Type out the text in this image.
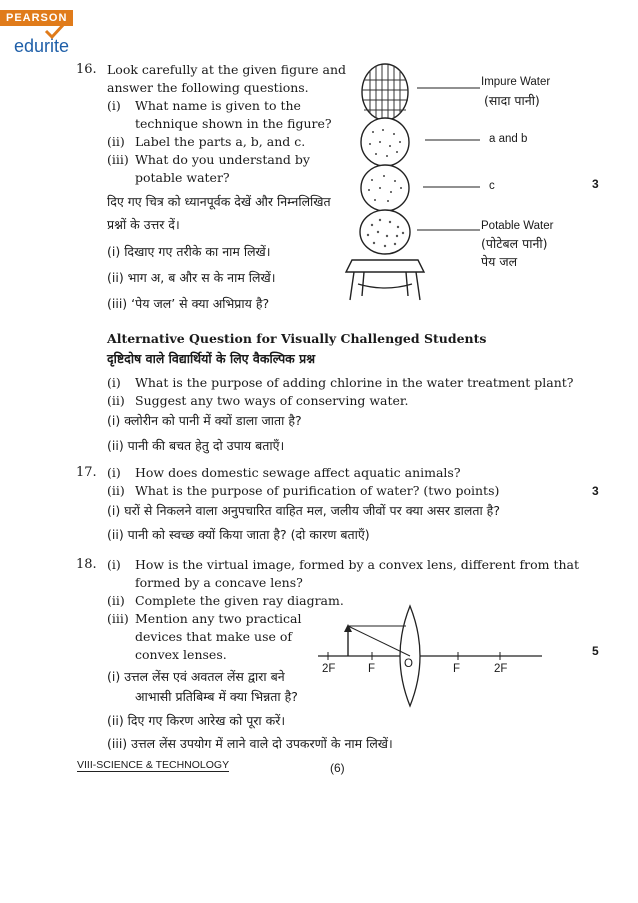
PEARSON
edurite
16. Look carefully at the given figure and
answer the following questions.
(i) What name is given to the
technique shown in the figure?
(ii) Label the parts a, b, and c.
(iii) What do you understand by
potable water?
दिए गए चित्र को ध्यानपूर्वक देखें और निम्नलिखित
प्रश्नों के उत्तर दें।
(i) दिखाए गए तरीके का नाम लिखें।
(ii) भाग अ, ब और स के नाम लिखें।
(iii) ‘पेय जल’ से क्या अभिप्राय है?
3
Impure Water
(सादा पानी)
a and b
c
Potable Water
(पोटेबल पानी)
पेय जल
Alternative Question for Visually Challenged Students
दृष्टिदोष वाले विद्यार्थियों के लिए वैकल्पिक प्रश्न
(i) What is the purpose of adding chlorine in the water treatment plant?
(ii) Suggest any two ways of conserving water.
(i) क्लोरीन को पानी में क्यों डाला जाता है?
(ii) पानी की बचत हेतु दो उपाय बताएँ।
17. (i) How does domestic sewage affect aquatic animals?
(ii) What is the purpose of purification of water? (two points)
(i) घरों से निकलने वाला अनुपचारित वाहित मल, जलीय जीवों पर क्या असर डालता है?
(ii) पानी को स्वच्छ क्यों किया जाता है? (दो कारण बताएँ)
3
18. (i) How is the virtual image, formed by a convex lens, different from that
formed by a concave lens?
(ii) Complete the given ray diagram.
(iii) Mention any two practical
devices that make use of
convex lenses.
(i) उत्तल लेंस एवं अवतल लेंस द्वारा बने
आभासी प्रतिबिम्ब में क्या भिन्नता है?
(ii) दिए गए किरण आरेख को पूरा करें।
(iii) उत्तल लेंस उपयोग में लाने वाले दो उपकरणों के नाम लिखें।
5
2F	F	O	F	2F
VIII-SCIENCE & TECHNOLOGY	(6)
